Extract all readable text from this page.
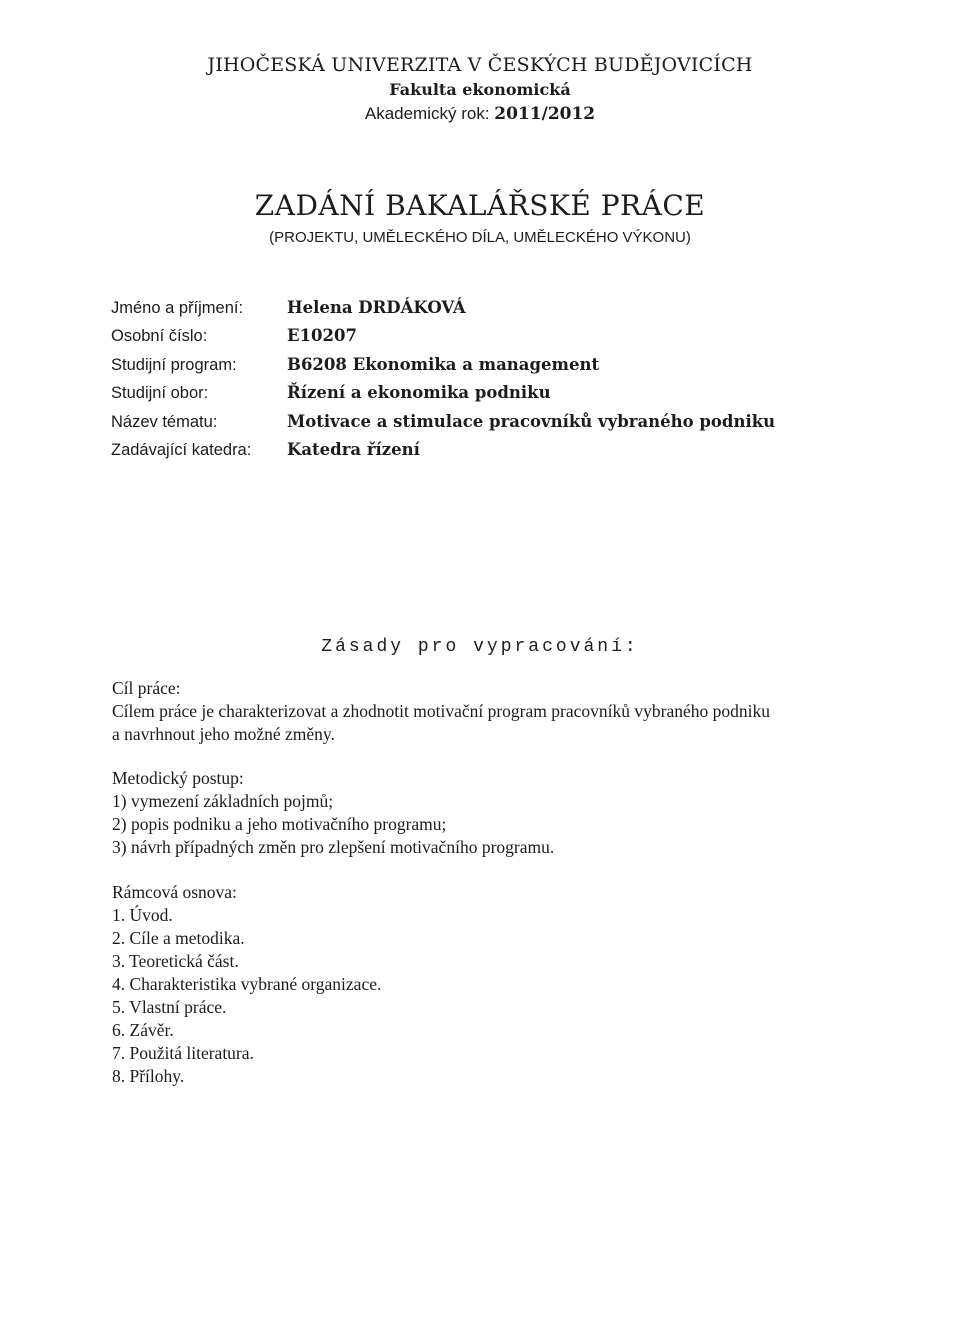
JIHOČESKÁ UNIVERZITA V ČESKÝCH BUDĚJOVICÍCH
Fakulta ekonomická
Akademický rok: 2011/2012
ZADÁNÍ BAKALÁŘSKÉ PRÁCE
(PROJEKTU, UMĚLECKÉHO DÍLA, UMĚLECKÉHO VÝKONU)
Jméno a příjmení:	Helena DRDÁKOVÁ
Osobní číslo:	E10207
Studijní program:	B6208 Ekonomika a management
Studijní obor:	Řízení a ekonomika podniku
Název tématu:	Motivace a stimulace pracovníků vybraného podniku
Zadávající katedra:	Katedra řízení
Zásady pro vypracování:
Cíl práce:
Cílem práce je charakterizovat a zhodnotit motivační program pracovníků vybraného podniku
a navrhnout jeho možné změny.
Metodický postup:
1) vymezení základních pojmů;
2) popis podniku a jeho motivačního programu;
3) návrh případných změn pro zlepšení motivačního programu.
Rámcová osnova:
1. Úvod.
2. Cíle a metodika.
3. Teoretická část.
4. Charakteristika vybrané organizace.
5. Vlastní práce.
6. Závěr.
7. Použitá literatura.
8. Přílohy.
